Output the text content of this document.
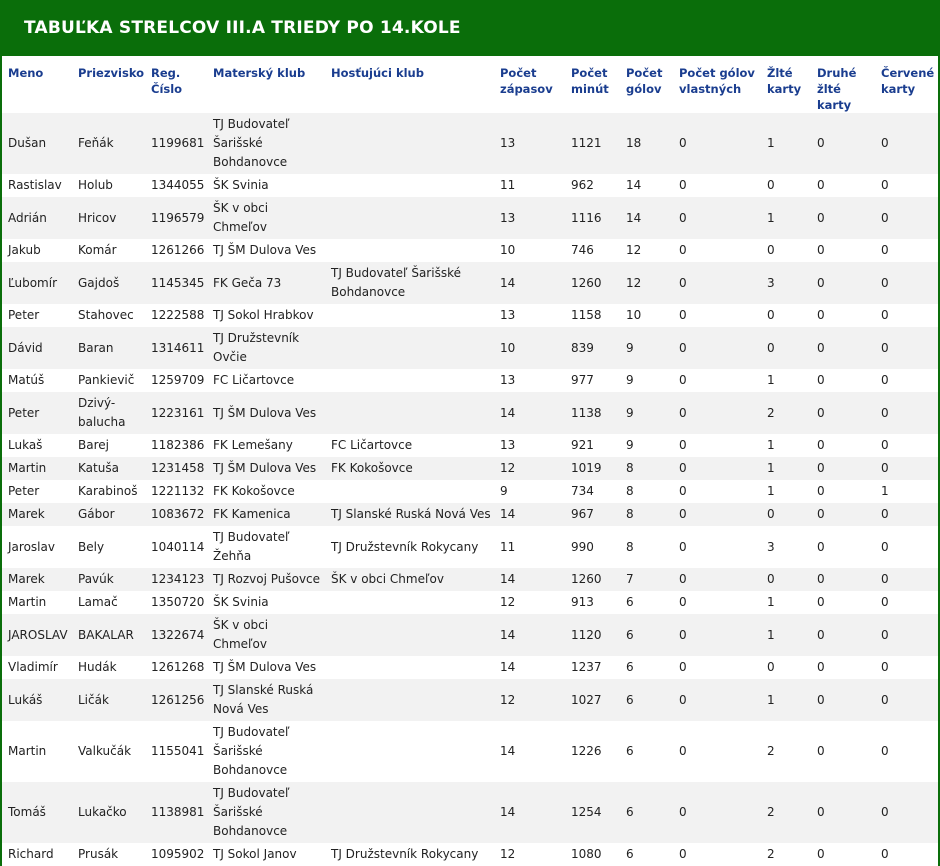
TABUĽKA STRELCOV III.A TRIEDY PO 14.KOLE
Meno	Priezvisko	Reg. Číslo	Materský klub	Hosťujúci klub	Počet zápasov	Počet minút	Počet gólov	Počet gólov vlastných	Žlté karty	Druhé žlté karty	Červené karty
Dušan	Feňák	1199681	TJ Budovateľ Šarišské Bohdanovce		13	1121	18	0	1	0	0
Rastislav	Holub	1344055	ŠK Svinia		11	962	14	0	0	0	0
Adrián	Hricov	1196579	ŠK v obci Chmeľov		13	1116	14	0	1	0	0
Jakub	Komár	1261266	TJ ŠM Dulova Ves		10	746	12	0	0	0	0
Ľubomír	Gajdoš	1145345	FK Geča 73	TJ Budovateľ Šarišské Bohdanovce	14	1260	12	0	3	0	0
Peter	Stahovec	1222588	TJ Sokol Hrabkov		13	1158	10	0	0	0	0
Dávid	Baran	1314611	TJ Družstevník Ovčie		10	839	9	0	0	0	0
Matúš	Pankievič	1259709	FC Ličartovce		13	977	9	0	1	0	0
Peter	Dzivý-balucha	1223161	TJ ŠM Dulova Ves		14	1138	9	0	2	0	0
Lukaš	Barej	1182386	FK Lemešany	FC Ličartovce	13	921	9	0	1	0	0
Martin	Katuša	1231458	TJ ŠM Dulova Ves	FK Kokošovce	12	1019	8	0	1	0	0
Peter	Karabinoš	1221132	FK Kokošovce		9	734	8	0	1	0	1
Marek	Gábor	1083672	FK Kamenica	TJ Slanské Ruská Nová Ves	14	967	8	0	0	0	0
Jaroslav	Bely	1040114	TJ Budovateľ Žehňa	TJ Družstevník Rokycany	11	990	8	0	3	0	0
Marek	Pavúk	1234123	TJ Rozvoj Pušovce	ŠK v obci Chmeľov	14	1260	7	0	0	0	0
Martin	Lamač	1350720	ŠK Svinia		12	913	6	0	1	0	0
JAROSLAV	BAKALAR	1322674	ŠK v obci Chmeľov		14	1120	6	0	1	0	0
Vladimír	Hudák	1261268	TJ ŠM Dulova Ves		14	1237	6	0	0	0	0
Lukáš	Ličák	1261256	TJ Slanské Ruská Nová Ves		12	1027	6	0	1	0	0
Martin	Valkučák	1155041	TJ Budovateľ Šarišské Bohdanovce		14	1226	6	0	2	0	0
Tomáš	Lukačko	1138981	TJ Budovateľ Šarišské Bohdanovce		14	1254	6	0	2	0	0
Richard	Prusák	1095902	TJ Sokol Janov	TJ Družstevník Rokycany	12	1080	6	0	2	0	0
